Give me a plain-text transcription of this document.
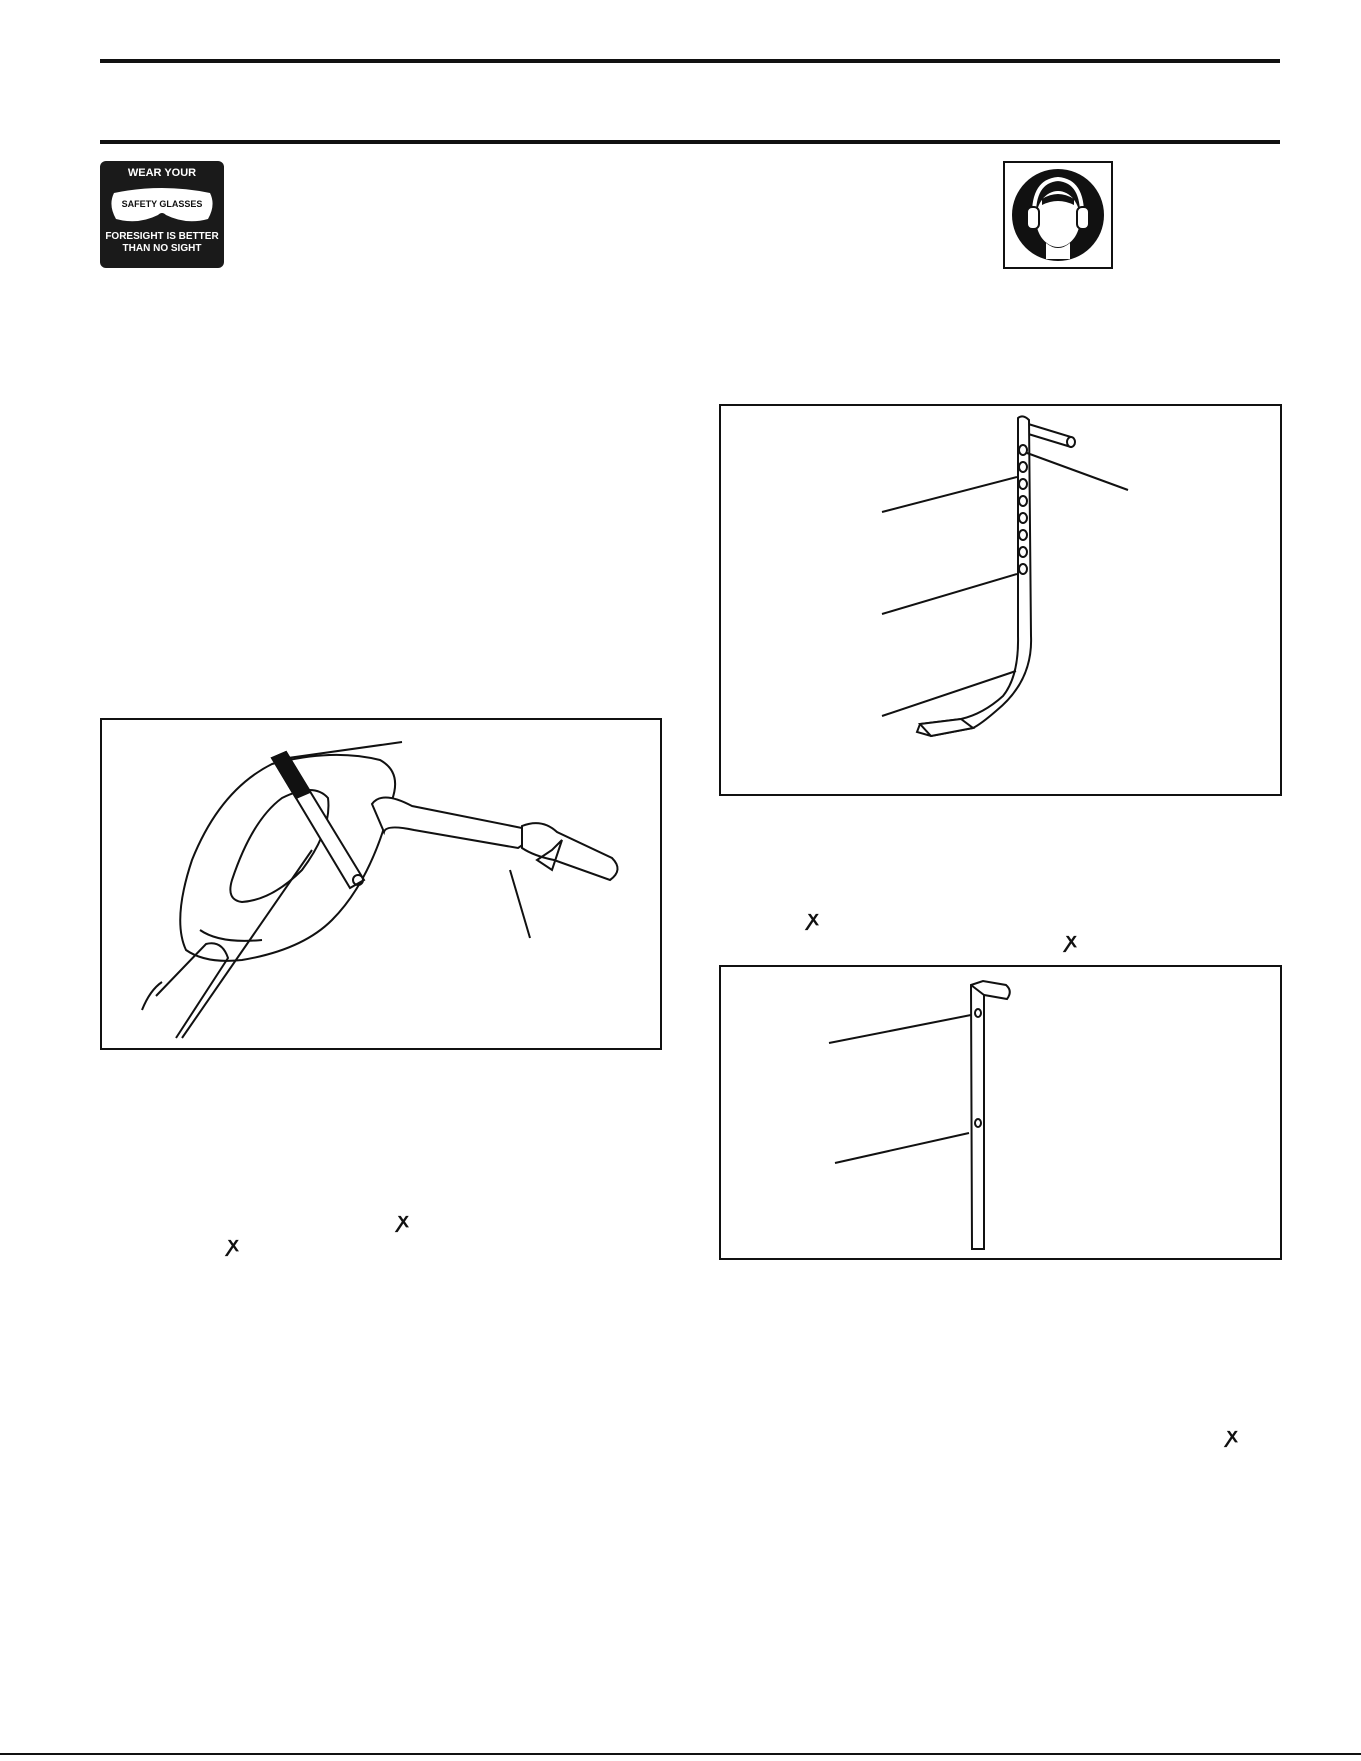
WEAR YOUR
SAFETY GLASSES
FORESIGHT IS BETTER
THAN NO SIGHT
ꭗ
ꭗ
ꭗ
ꭗ
ꭗ
